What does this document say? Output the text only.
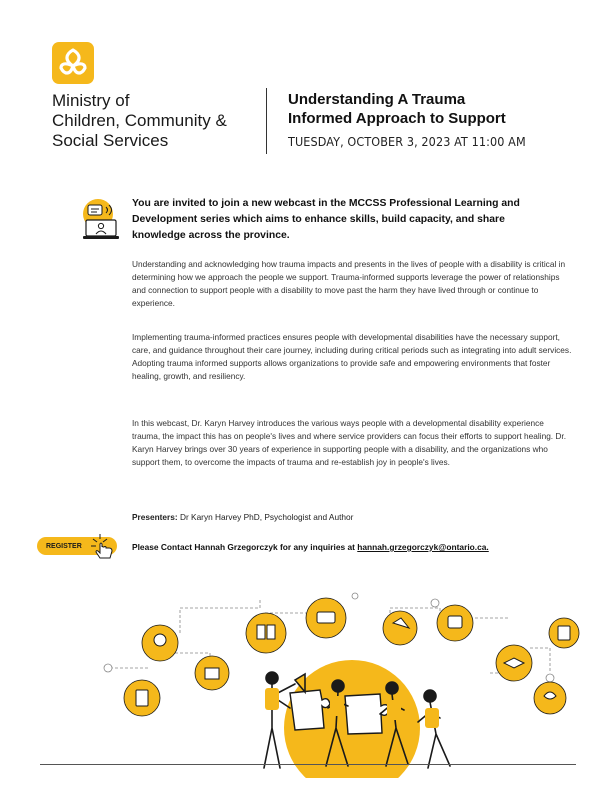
Ministry of
Children, Community &
Social Services
Understanding A Trauma
Informed Approach to Support
TUESDAY, OCTOBER 3, 2023 AT 11:00 AM
You are invited to join a new webcast in the MCCSS Professional Learning and Development series which aims to enhance skills, build capacity, and share knowledge across the province.
Understanding and acknowledging how trauma impacts and presents in the lives of people with a disability is critical in determining how we approach the people we support. Trauma-informed supports leverage the power of relationships and connection to support people with a disability to move past the harm they have lived through or continue to experience.
Implementing trauma-informed practices ensures people with developmental disabilities have the necessary support, care, and guidance throughout their care journey, including during critical periods such as integrating into adult services. Adopting trauma informed supports allows organizations to provide safe and empowering environments that foster healing, growth, and resiliency.
In this webcast, Dr. Karyn Harvey introduces the various ways people with a developmental disability experience trauma, the impact this has on people's lives and where service providers can focus their efforts to support healing. Dr. Karyn Harvey brings over 30 years of experience in supporting people with a disability, and the organizations who support them, to overcome the impacts of trauma and re-establish joy in people's lives.
Presenters: Dr Karyn Harvey PhD, Psychologist and Author
REGISTER	Please Contact Hannah Grzegorczyk for any inquiries at hannah.grzegorczyk@ontario.ca.
